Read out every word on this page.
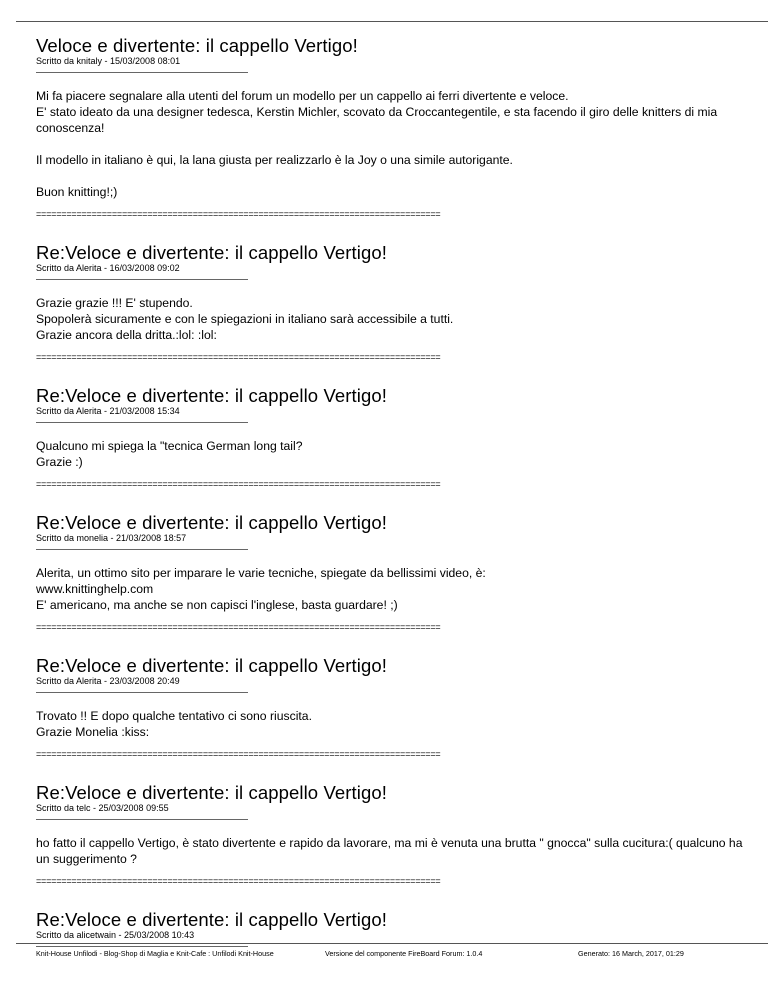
Veloce e divertente: il cappello Vertigo!
Scritto da knitaly - 15/03/2008 08:01

Mi fa piacere segnalare alla utenti del forum un modello per un cappello ai ferri divertente e veloce.
E' stato ideato da una designer tedesca, Kerstin Michler, scovato da Croccantegentile, e sta facendo il giro delle knitters di mia conoscenza!

Il modello in italiano è qui, la lana giusta per realizzarlo è la Joy o una simile autorigante.

Buon knitting!;)

================================================================================
Re:Veloce e divertente: il cappello Vertigo!
Scritto da Alerita - 16/03/2008 09:02

Grazie grazie !!! E' stupendo.
Spopolerà sicuramente e con le spiegazioni in italiano sarà accessibile a tutti.
Grazie ancora della dritta.:lol: :lol:

================================================================================
Re:Veloce e divertente: il cappello Vertigo!
Scritto da Alerita - 21/03/2008 15:34

Qualcuno mi spiega la "tecnica German long tail?
Grazie :)

================================================================================
Re:Veloce e divertente: il cappello Vertigo!
Scritto da monelia - 21/03/2008 18:57

Alerita, un ottimo sito per imparare le varie tecniche, spiegate da bellissimi video, è:
www.knittinghelp.com
E' americano, ma anche se non capisci l'inglese, basta guardare! ;)

================================================================================
Re:Veloce e divertente: il cappello Vertigo!
Scritto da Alerita - 23/03/2008 20:49

Trovato !! E dopo qualche tentativo ci sono riuscita.
Grazie Monelia :kiss:

================================================================================
Re:Veloce e divertente: il cappello Vertigo!
Scritto da telc - 25/03/2008 09:55

ho fatto il cappello Vertigo, è stato divertente e rapido da lavorare, ma mi è venuta una brutta " gnocca" sulla cucitura:( qualcuno ha un suggerimento ?

================================================================================
Re:Veloce e divertente: il cappello Vertigo!
Scritto da alicetwain - 25/03/2008 10:43
Knit-House Unfilodi - Blog-Shop di Maglia e Knit-Cafe : Unfilodi Knit-House	Versione del componente FireBoard Forum: 1.0.4	Generato: 16 March, 2017, 01:29
